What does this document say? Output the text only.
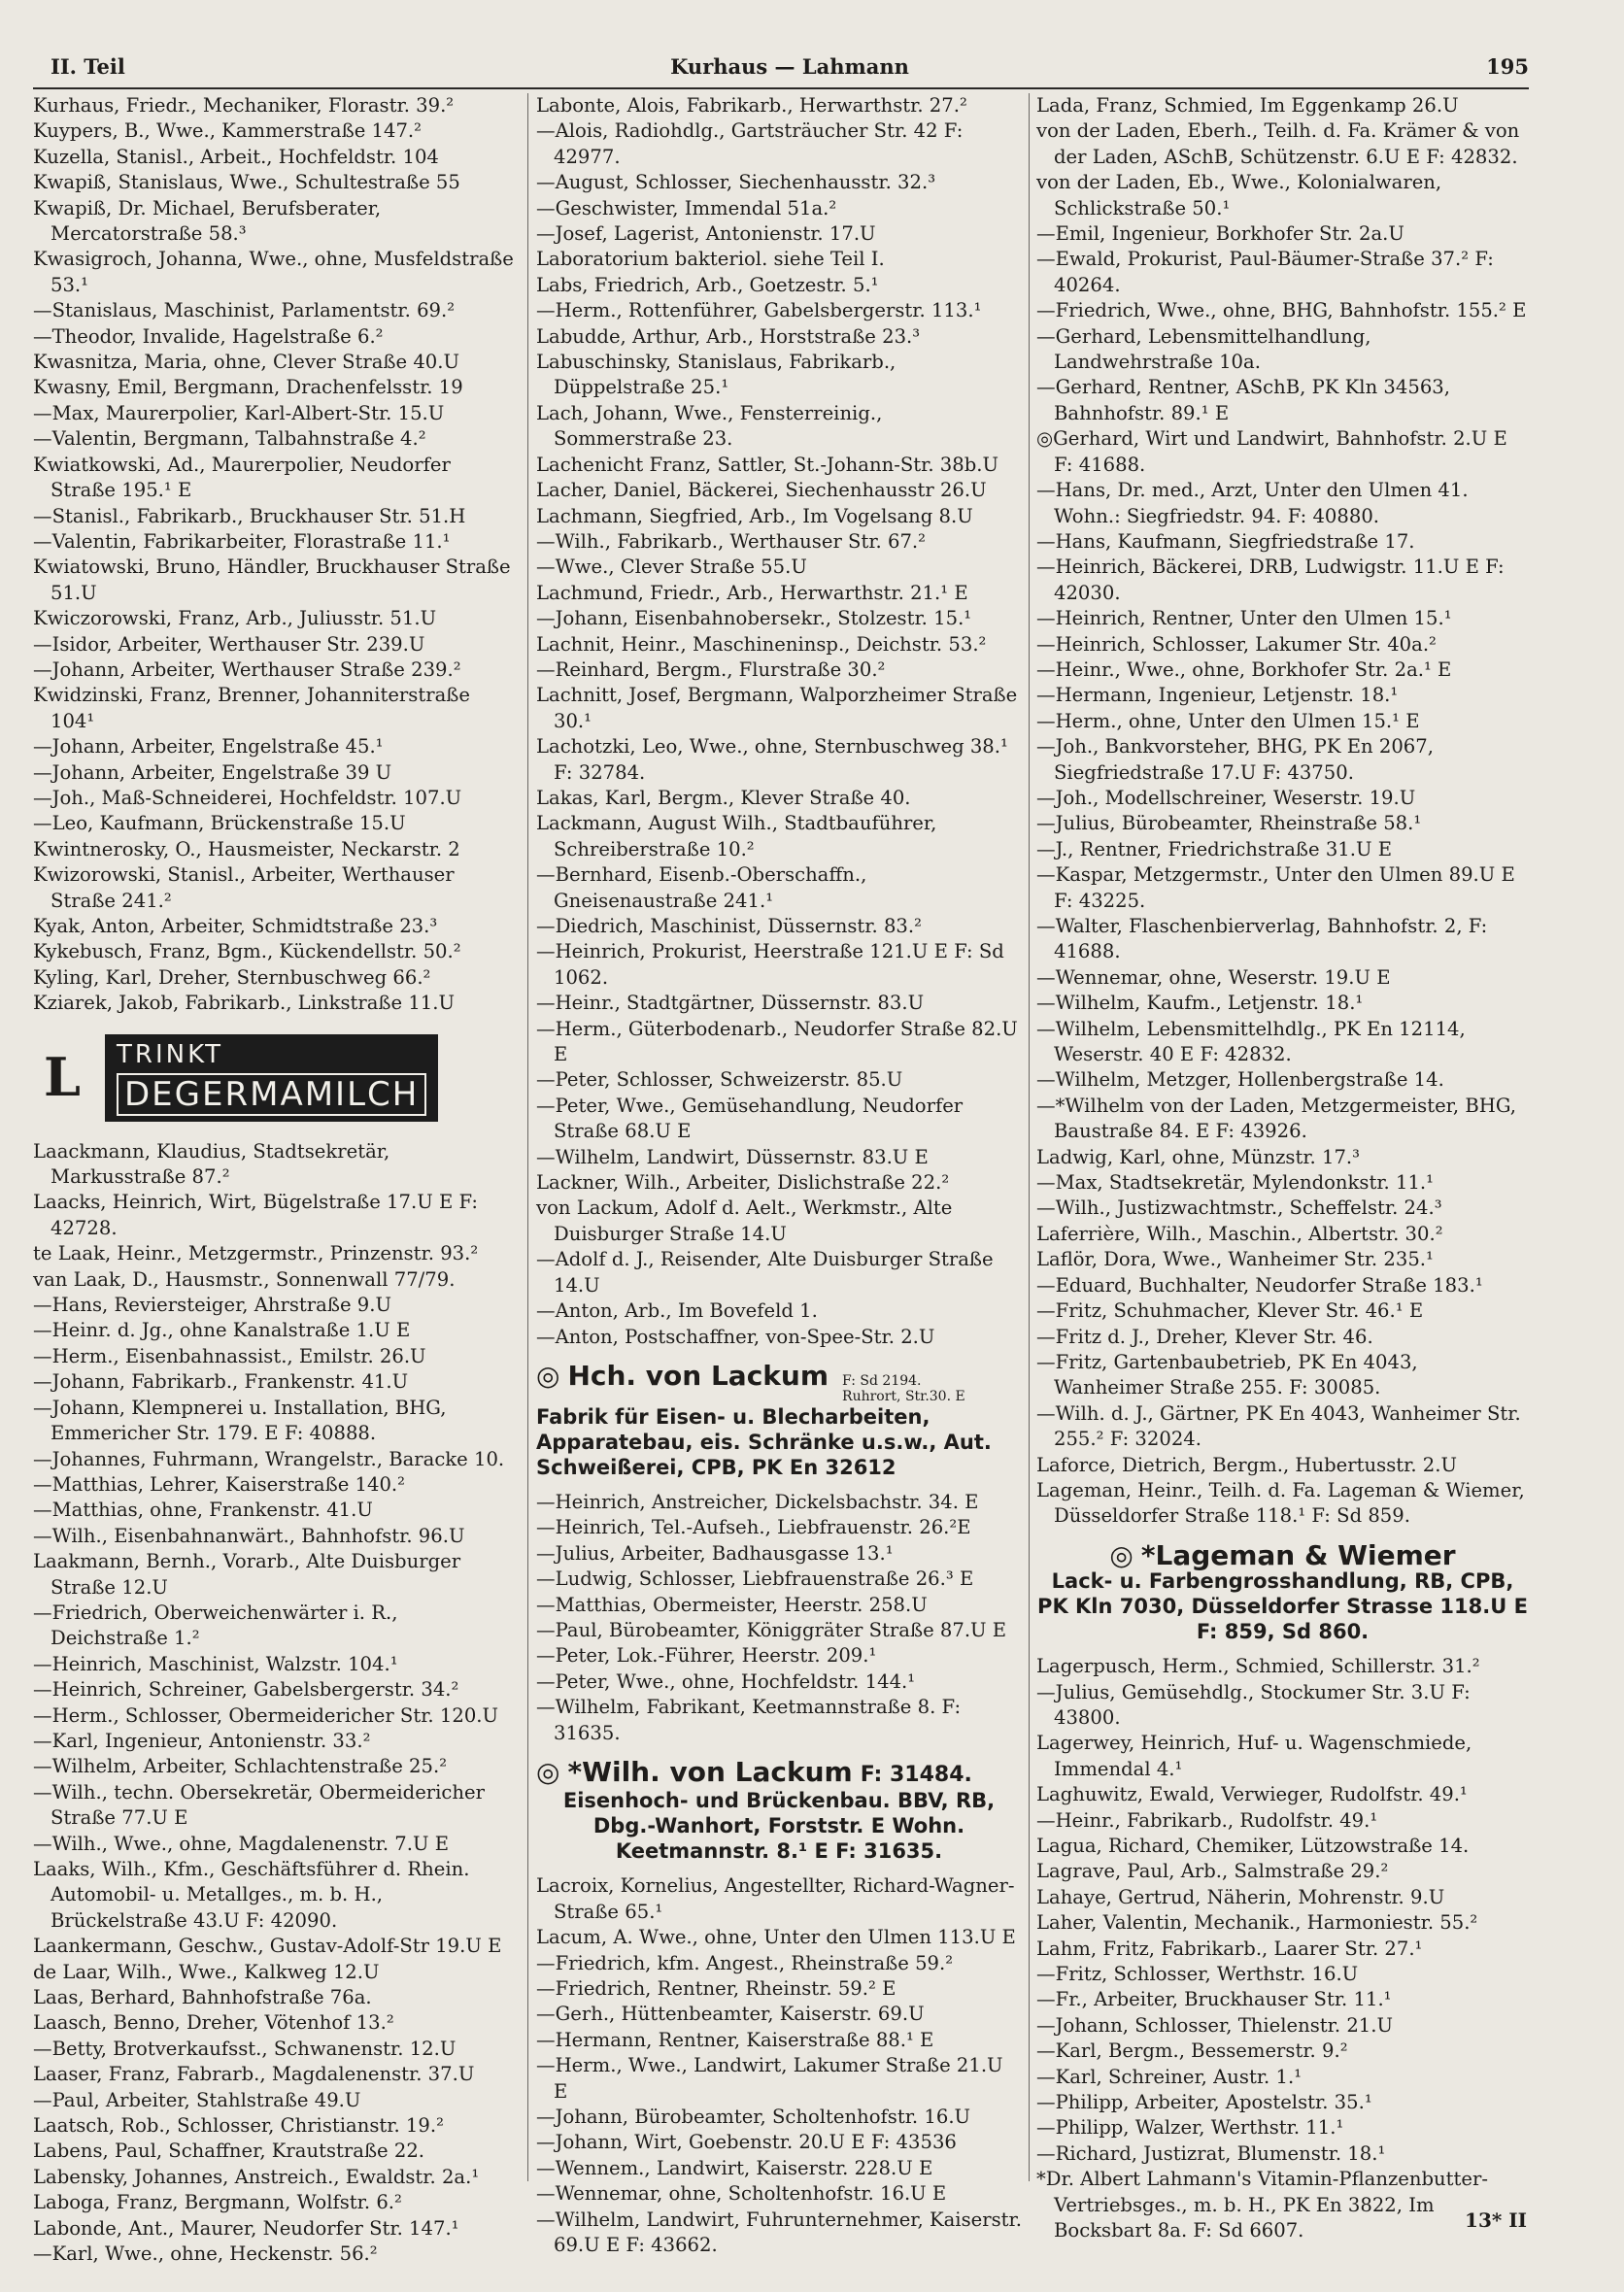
II. Teil	Kurhaus — Lahmann	195
Kurhaus, Friedr., Mechaniker, Florastr. 39.²
Kuypers, B., Wwe., Kammerstraße 147.²
Kuzella, Stanisl., Arbeit., Hochfeldstr. 104
Kwapiß, Stanislaus, Wwe., Schultestraße 55
Kwapiß, Dr. Michael, Berufsberater, Mercatorstraße 58.³
Kwasigroch, Johanna, Wwe., ohne, Musfeldstraße 53.¹
—Stanislaus, Maschinist, Parlamentstr. 69.²
—Theodor, Invalide, Hagelstraße 6.²
Kwasnitza, Maria, ohne, Clever Straße 40.U
Kwasny, Emil, Bergmann, Drachenfelsstr. 19
—Max, Maurerpolier, Karl-Albert-Str. 15.U
—Valentin, Bergmann, Talbahnstraße 4.²
Kwiatkowski, Ad., Maurerpolier, Neudorfer Straße 195.¹ E
—Stanisl., Fabrikarb., Bruckhauser Str. 51.H
—Valentin, Fabrikarbeiter, Florastraße 11.¹
Kwiatowski, Bruno, Händler, Bruckhauser Straße 51.U
Kwiczorowski, Franz, Arb., Juliusstr. 51.U
—Isidor, Arbeiter, Werthauser Str. 239.U
—Johann, Arbeiter, Werthauser Straße 239.²
Kwidzinski, Franz, Brenner, Johanniterstraße 104¹
—Johann, Arbeiter, Engelstraße 45.¹
—Johann, Arbeiter, Engelstraße 39 U
—Joh., Maß-Schneiderei, Hochfeldstr. 107.U
—Leo, Kaufmann, Brückenstraße 15.U
Kwintnerosky, O., Hausmeister, Neckarstr. 2
Kwizorowski, Stanisl., Arbeiter, Werthauser Straße 241.²
Kyak, Anton, Arbeiter, Schmidtstraße 23.³
Kykebusch, Franz, Bgm., Kückendellstr. 50.²
Kyling, Karl, Dreher, Sternbuschweg 66.²
Kziarek, Jakob, Fabrikarb., Linkstraße 11.U
L	TRINKT
DEGERMAMILCH
Laackmann, Klaudius, Stadtsekretär, Markusstraße 87.²
Laacks, Heinrich, Wirt, Bügelstraße 17.U E F: 42728.
te Laak, Heinr., Metzgermstr., Prinzenstr. 93.²
van Laak, D., Hausmstr., Sonnenwall 77/79.
—Hans, Reviersteiger, Ahrstraße 9.U
—Heinr. d. Jg., ohne Kanalstraße 1.U E
—Herm., Eisenbahnassist., Emilstr. 26.U
—Johann, Fabrikarb., Frankenstr. 41.U
—Johann, Klempnerei u. Installation, BHG, Emmericher Str. 179. E F: 40888.
—Johannes, Fuhrmann, Wrangelstr., Baracke 10.
—Matthias, Lehrer, Kaiserstraße 140.²
—Matthias, ohne, Frankenstr. 41.U
—Wilh., Eisenbahnanwärt., Bahnhofstr. 96.U
Laakmann, Bernh., Vorarb., Alte Duisburger Straße 12.U
—Friedrich, Oberweichenwärter i. R., Deichstraße 1.²
—Heinrich, Maschinist, Walzstr. 104.¹
—Heinrich, Schreiner, Gabelsbergerstr. 34.²
—Herm., Schlosser, Obermeidericher Str. 120.U
—Karl, Ingenieur, Antonienstr. 33.²
—Wilhelm, Arbeiter, Schlachtenstraße 25.²
—Wilh., techn. Obersekretär, Obermeidericher Straße 77.U E
—Wilh., Wwe., ohne, Magdalenenstr. 7.U E
Laaks, Wilh., Kfm., Geschäftsführer d. Rhein. Automobil- u. Metallges., m. b. H., Brückelstraße 43.U F: 42090.
Laankermann, Geschw., Gustav-Adolf-Str 19.U E
de Laar, Wilh., Wwe., Kalkweg 12.U
Laas, Berhard, Bahnhofstraße 76a.
Laasch, Benno, Dreher, Vötenhof 13.²
—Betty, Brotverkaufsst., Schwanenstr. 12.U
Laaser, Franz, Fabrarb., Magdalenenstr. 37.U
—Paul, Arbeiter, Stahlstraße 49.U
Laatsch, Rob., Schlosser, Christianstr. 19.²
Labens, Paul, Schaffner, Krautstraße 22.
Labensky, Johannes, Anstreich., Ewaldstr. 2a.¹
Laboga, Franz, Bergmann, Wolfstr. 6.²
Labonde, Ant., Maurer, Neudorfer Str. 147.¹
—Karl, Wwe., ohne, Heckenstr. 56.²
Labonte, Alois, Fabrikarb., Herwarthstr. 27.²
—Alois, Radiohdlg., Gartsträucher Str. 42 F: 42977.
—August, Schlosser, Siechenhausstr. 32.³
—Geschwister, Immendal 51a.²
—Josef, Lagerist, Antonienstr. 17.U
Laboratorium bakteriol. siehe Teil I.
Labs, Friedrich, Arb., Goetzestr. 5.¹
—Herm., Rottenführer, Gabelsbergerstr. 113.¹
Labudde, Arthur, Arb., Horststraße 23.³
Labuschinsky, Stanislaus, Fabrikarb., Düppelstraße 25.¹
Lach, Johann, Wwe., Fensterreinig., Sommerstraße 23.
Lachenicht Franz, Sattler, St.-Johann-Str. 38b.U
Lacher, Daniel, Bäckerei, Siechenhausstr 26.U
Lachmann, Siegfried, Arb., Im Vogelsang 8.U
—Wilh., Fabrikarb., Werthauser Str. 67.²
—Wwe., Clever Straße 55.U
Lachmund, Friedr., Arb., Herwarthstr. 21.¹ E
—Johann, Eisenbahnobersekr., Stolzestr. 15.¹
Lachnit, Heinr., Maschineninsp., Deichstr. 53.²
—Reinhard, Bergm., Flurstraße 30.²
Lachnitt, Josef, Bergmann, Walporzheimer Straße 30.¹
Lachotzki, Leo, Wwe., ohne, Sternbuschweg 38.¹ F: 32784.
Lakas, Karl, Bergm., Klever Straße 40.
Lackmann, August Wilh., Stadtbauführer, Schreiberstraße 10.²
—Bernhard, Eisenb.-Oberschaffn., Gneisenaustraße 241.¹
—Diedrich, Maschinist, Düssernstr. 83.²
—Heinrich, Prokurist, Heerstraße 121.U E F: Sd 1062.
—Heinr., Stadtgärtner, Düssernstr. 83.U
—Herm., Güterbodenarb., Neudorfer Straße 82.U E
—Peter, Schlosser, Schweizerstr. 85.U
—Peter, Wwe., Gemüsehandlung, Neudorfer Straße 68.U E
—Wilhelm, Landwirt, Düssernstr. 83.U E
Lackner, Wilh., Arbeiter, Dislichstraße 22.²
von Lackum, Adolf d. Aelt., Werkmstr., Alte Duisburger Straße 14.U
—Adolf d. J., Reisender, Alte Duisburger Straße 14.U
—Anton, Arb., Im Bovefeld 1.
—Anton, Postschaffner, von-Spee-Str. 2.U
◎ Hch. von Lackum F: Sd 2194.
Ruhrort, Str.30. E
Fabrik für Eisen- u. Blecharbeiten, Apparatebau, eis. Schränke u.s.w., Aut. Schweißerei, CPB, PK En 32612
—Heinrich, Anstreicher, Dickelsbachstr. 34. E
—Heinrich, Tel.-Aufseh., Liebfrauenstr. 26.²E
—Julius, Arbeiter, Badhausgasse 13.¹
—Ludwig, Schlosser, Liebfrauenstraße 26.³ E
—Matthias, Obermeister, Heerstr. 258.U
—Paul, Bürobeamter, Königgräter Straße 87.U E
—Peter, Lok.-Führer, Heerstr. 209.¹
—Peter, Wwe., ohne, Hochfeldstr. 144.¹
—Wilhelm, Fabrikant, Keetmannstraße 8. F: 31635.
◎ *Wilh. von Lackum F: 31484.
Eisenhoch- und Brückenbau. BBV, RB, Dbg.-Wanhort, Forststr. E Wohn. Keetmannstr. 8.¹ E F: 31635.
Lacroix, Kornelius, Angestellter, Richard-Wagner-Straße 65.¹
Lacum, A. Wwe., ohne, Unter den Ulmen 113.U E
—Friedrich, kfm. Angest., Rheinstraße 59.²
—Friedrich, Rentner, Rheinstr. 59.² E
—Gerh., Hüttenbeamter, Kaiserstr. 69.U
—Hermann, Rentner, Kaiserstraße 88.¹ E
—Herm., Wwe., Landwirt, Lakumer Straße 21.U E
—Johann, Bürobeamter, Scholtenhofstr. 16.U
—Johann, Wirt, Goebenstr. 20.U E F: 43536
—Wennem., Landwirt, Kaiserstr. 228.U E
—Wennemar, ohne, Scholtenhofstr. 16.U E
—Wilhelm, Landwirt, Fuhrunternehmer, Kaiserstr. 69.U E F: 43662.
Lada, Franz, Schmied, Im Eggenkamp 26.U
von der Laden, Eberh., Teilh. d. Fa. Krämer & von der Laden, ASchB, Schützenstr. 6.U E F: 42832.
von der Laden, Eb., Wwe., Kolonialwaren, Schlickstraße 50.¹
—Emil, Ingenieur, Borkhofer Str. 2a.U
—Ewald, Prokurist, Paul-Bäumer-Straße 37.² F: 40264.
—Friedrich, Wwe., ohne, BHG, Bahnhofstr. 155.² E
—Gerhard, Lebensmittelhandlung, Landwehrstraße 10a.
—Gerhard, Rentner, ASchB, PK Kln 34563, Bahnhofstr. 89.¹ E
◎Gerhard, Wirt und Landwirt, Bahnhofstr. 2.U E F: 41688.
—Hans, Dr. med., Arzt, Unter den Ulmen 41. Wohn.: Siegfriedstr. 94. F: 40880.
—Hans, Kaufmann, Siegfriedstraße 17.
—Heinrich, Bäckerei, DRB, Ludwigstr. 11.U E F: 42030.
—Heinrich, Rentner, Unter den Ulmen 15.¹
—Heinrich, Schlosser, Lakumer Str. 40a.²
—Heinr., Wwe., ohne, Borkhofer Str. 2a.¹ E
—Hermann, Ingenieur, Letjenstr. 18.¹
—Herm., ohne, Unter den Ulmen 15.¹ E
—Joh., Bankvorsteher, BHG, PK En 2067, Siegfriedstraße 17.U F: 43750.
—Joh., Modellschreiner, Weserstr. 19.U
—Julius, Bürobeamter, Rheinstraße 58.¹
—J., Rentner, Friedrichstraße 31.U E
—Kaspar, Metzgermstr., Unter den Ulmen 89.U E F: 43225.
—Walter, Flaschenbierverlag, Bahnhofstr. 2, F: 41688.
—Wennemar, ohne, Weserstr. 19.U E
—Wilhelm, Kaufm., Letjenstr. 18.¹
—Wilhelm, Lebensmittelhdlg., PK En 12114, Weserstr. 40 E F: 42832.
—Wilhelm, Metzger, Hollenbergstraße 14.
—*Wilhelm von der Laden, Metzgermeister, BHG, Baustraße 84. E F: 43926.
Ladwig, Karl, ohne, Münzstr. 17.³
—Max, Stadtsekretär, Mylendonkstr. 11.¹
—Wilh., Justizwachtmstr., Scheffelstr. 24.³
Laferrière, Wilh., Maschin., Albertstr. 30.²
Laflör, Dora, Wwe., Wanheimer Str. 235.¹
—Eduard, Buchhalter, Neudorfer Straße 183.¹
—Fritz, Schuhmacher, Klever Str. 46.¹ E
—Fritz d. J., Dreher, Klever Str. 46.
—Fritz, Gartenbaubetrieb, PK En 4043, Wanheimer Straße 255. F: 30085.
—Wilh. d. J., Gärtner, PK En 4043, Wanheimer Str. 255.² F: 32024.
Laforce, Dietrich, Bergm., Hubertusstr. 2.U
Lageman, Heinr., Teilh. d. Fa. Lageman & Wiemer, Düsseldorfer Straße 118.¹ F: Sd 859.
◎ *Lageman & Wiemer
Lack- u. Farbengrosshandlung, RB, CPB, PK Kln 7030, Düsseldorfer Strasse 118.U E F: 859, Sd 860.
Lagerpusch, Herm., Schmied, Schillerstr. 31.²
—Julius, Gemüsehdlg., Stockumer Str. 3.U F: 43800.
Lagerwey, Heinrich, Huf- u. Wagenschmiede, Immendal 4.¹
Laghuwitz, Ewald, Verwieger, Rudolfstr. 49.¹
—Heinr., Fabrikarb., Rudolfstr. 49.¹
Lagua, Richard, Chemiker, Lützowstraße 14.
Lagrave, Paul, Arb., Salmstraße 29.²
Lahaye, Gertrud, Näherin, Mohrenstr. 9.U
Laher, Valentin, Mechanik., Harmoniestr. 55.²
Lahm, Fritz, Fabrikarb., Laarer Str. 27.¹
—Fritz, Schlosser, Werthstr. 16.U
—Fr., Arbeiter, Bruckhauser Str. 11.¹
—Johann, Schlosser, Thielenstr. 21.U
—Karl, Bergm., Bessemerstr. 9.²
—Karl, Schreiner, Austr. 1.¹
—Philipp, Arbeiter, Apostelstr. 35.¹
—Philipp, Walzer, Werthstr. 11.¹
—Richard, Justizrat, Blumenstr. 18.¹
*Dr. Albert Lahmann's Vitamin-Pflanzenbutter-Vertriebsges., m. b. H., PK En 3822, Im Bocksbart 8a. F: Sd 6607.	13* II
